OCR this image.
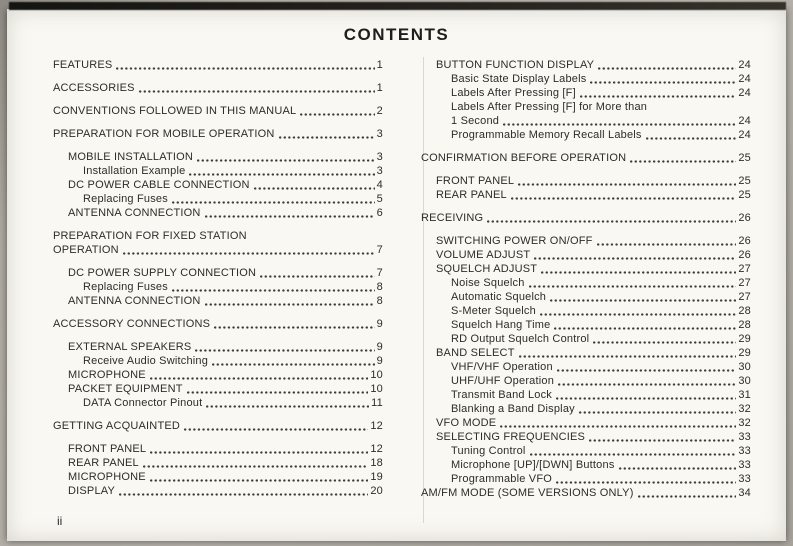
CONTENTS
FEATURES	1
ACCESSORIES	1
CONVENTIONS FOLLOWED IN THIS MANUAL	2
PREPARATION FOR MOBILE OPERATION	3
MOBILE INSTALLATION	3
Installation Example	3
DC POWER CABLE CONNECTION	4
Replacing Fuses	5
ANTENNA CONNECTION	6
PREPARATION FOR FIXED STATION
OPERATION	7
DC POWER SUPPLY CONNECTION	7
Replacing Fuses	8
ANTENNA CONNECTION	8
ACCESSORY CONNECTIONS	9
EXTERNAL SPEAKERS	9
Receive Audio Switching	9
MICROPHONE	10
PACKET EQUIPMENT	10
DATA Connector Pinout	11
GETTING ACQUAINTED	12
FRONT PANEL	12
REAR PANEL	18
MICROPHONE	19
DISPLAY	20
BUTTON FUNCTION DISPLAY	24
Basic State Display Labels	24
Labels After Pressing [F]	24
Labels After Pressing [F] for More than
1 Second	24
Programmable Memory Recall Labels	24
CONFIRMATION BEFORE OPERATION	25
FRONT PANEL	25
REAR PANEL	25
RECEIVING	26
SWITCHING POWER ON/OFF	26
VOLUME ADJUST	26
SQUELCH ADJUST	27
Noise Squelch	27
Automatic Squelch	27
S-Meter Squelch	28
Squelch Hang Time	28
RD Output Squelch Control	29
BAND SELECT	29
VHF/VHF Operation	30
UHF/UHF Operation	30
Transmit Band Lock	31
Blanking a Band Display	32
VFO MODE	32
SELECTING FREQUENCIES	33
Tuning Control	33
Microphone [UP]/[DWN] Buttons	33
Programmable VFO	33
AM/FM MODE (SOME VERSIONS ONLY)	34
ii
